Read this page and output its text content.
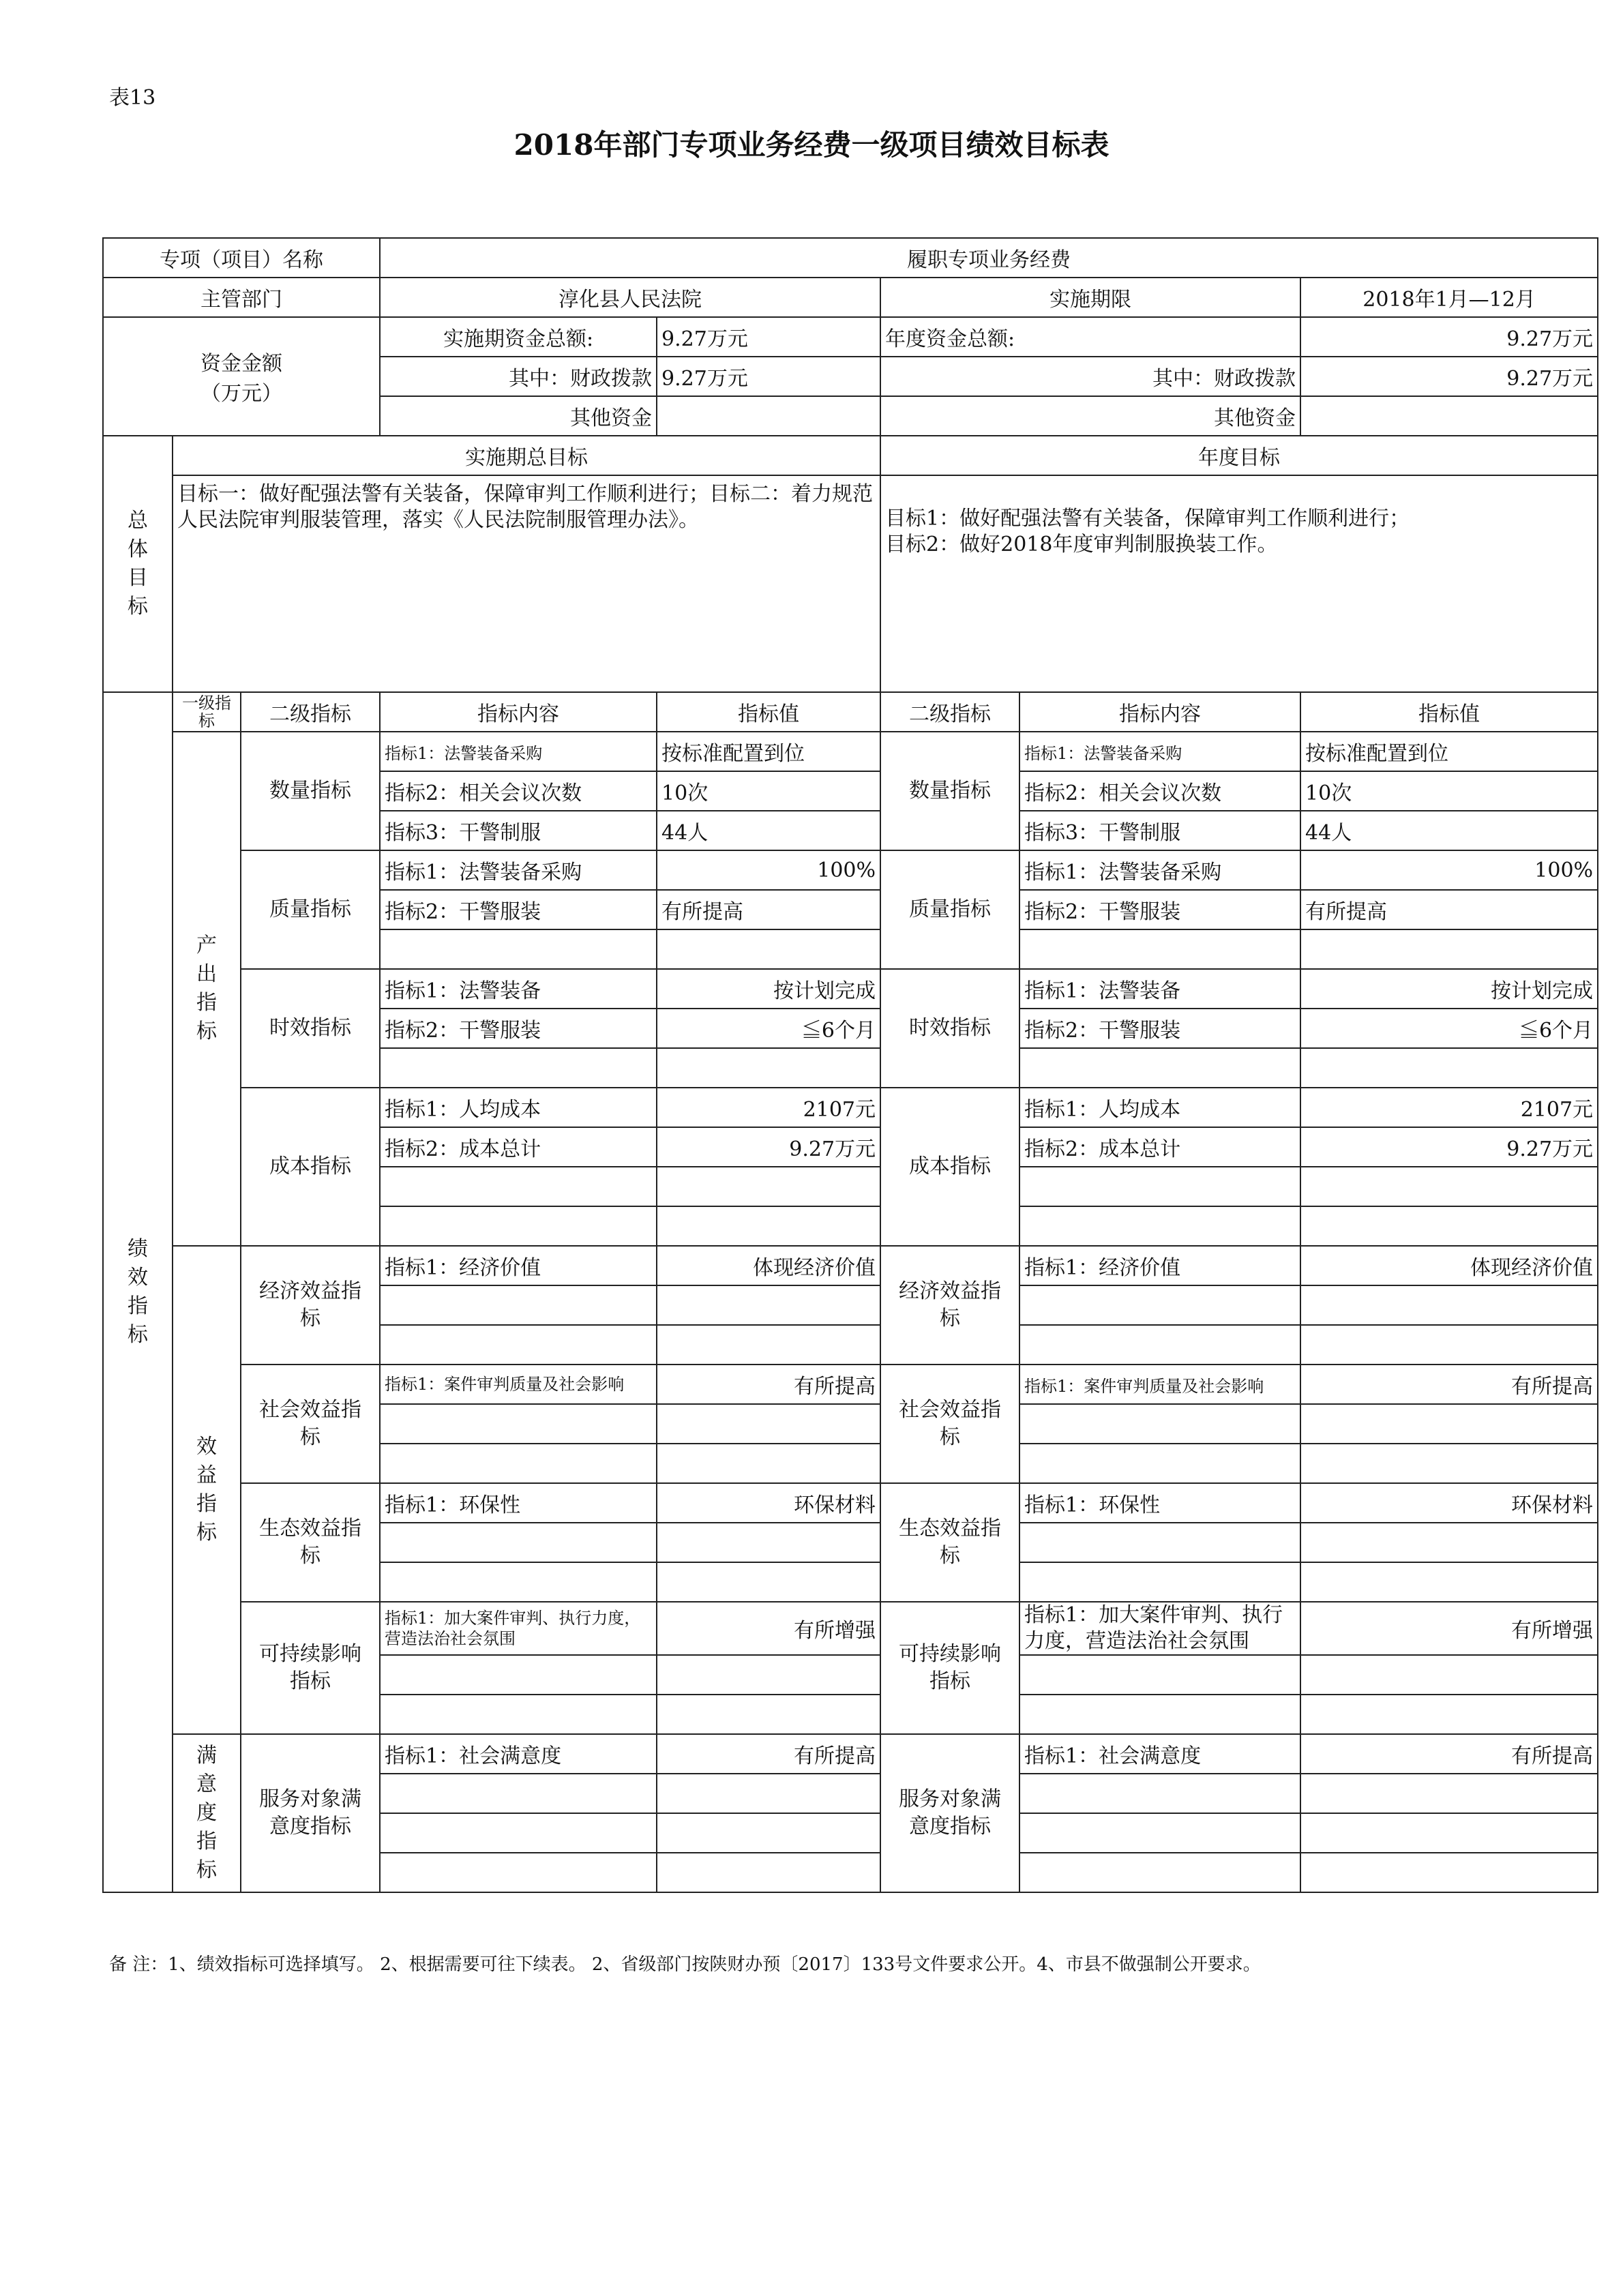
表13
2018年部门专项业务经费一级项目绩效目标表
专项（项目）名称			履职专项业务经费				
主管部门			淳化县人民法院		实施期限		2018年1月—12月

资金金额
（万元）			实施期资金总额:	9.27万元	年度资金总额:		9.27万元
			其中：财政拨款	9.27万元	其中：财政拨款		9.27万元
			其他资金		其他资金		
总体目标	实施期总目标				年度目标		
	目标一：做好配强法警有关装备，保障审判工作顺利进行；目标二：着力规范人民法院审判服装管理，落实《人民法院制服管理办法》。				目标1：做好配强法警有关装备，保障审判工作顺利进行；
目标2：做好2018年度审判制服换装工作。		

绩效指标	一级指标	二级指标	指标内容	指标值	二级指标	指标内容	指标值
	产出指标	数量指标	指标1：法警装备采购	按标准配置到位	数量指标	指标1：法警装备采购	按标准配置到位
			指标2：相关会议次数	10次		指标2：相关会议次数	10次
			指标3：干警制服	44人		指标3：干警制服	44人
		质量指标	指标1：法警装备采购	100%	质量指标	指标1：法警装备采购	100%
			指标2：干警服装	有所提高		指标2：干警服装	有所提高

		时效指标	指标1：法警装备	按计划完成	时效指标	指标1：法警装备	按计划完成
			指标2：干警服装	≦6个月		指标2：干警服装	≦6个月

		成本指标	指标1：人均成本	2107元	成本指标	指标1：人均成本	2107元
			指标2：成本总计	9.27万元		指标2：成本总计	9.27万元

	效益指标	经济效益指标	指标1：经济价值	体现经济价值	经济效益指标	指标1：经济价值	体现经济价值

		社会效益指标	指标1：案件审判质量及社会影响	有所提高	社会效益指标	指标1：案件审判质量及社会影响	有所提高

		生态效益指标	指标1：环保性	环保材料	生态效益指标	指标1：环保性	环保材料

		可持续影响指标	指标1：加大案件审判、执行力度，营造法治社会氛围	有所增强	可持续影响指标	指标1：加大案件审判、执行力度，营造法治社会氛围	有所增强

	满意度指标	服务对象满意度指标	指标1：社会满意度	有所提高	服务对象满意度指标	指标1：社会满意度	有所提高

备 注：1、绩效指标可选择填写。 2、根据需要可往下续表。 2、省级部门按陕财办预〔2017〕133号文件要求公开。4、市县不做强制公开要求。
